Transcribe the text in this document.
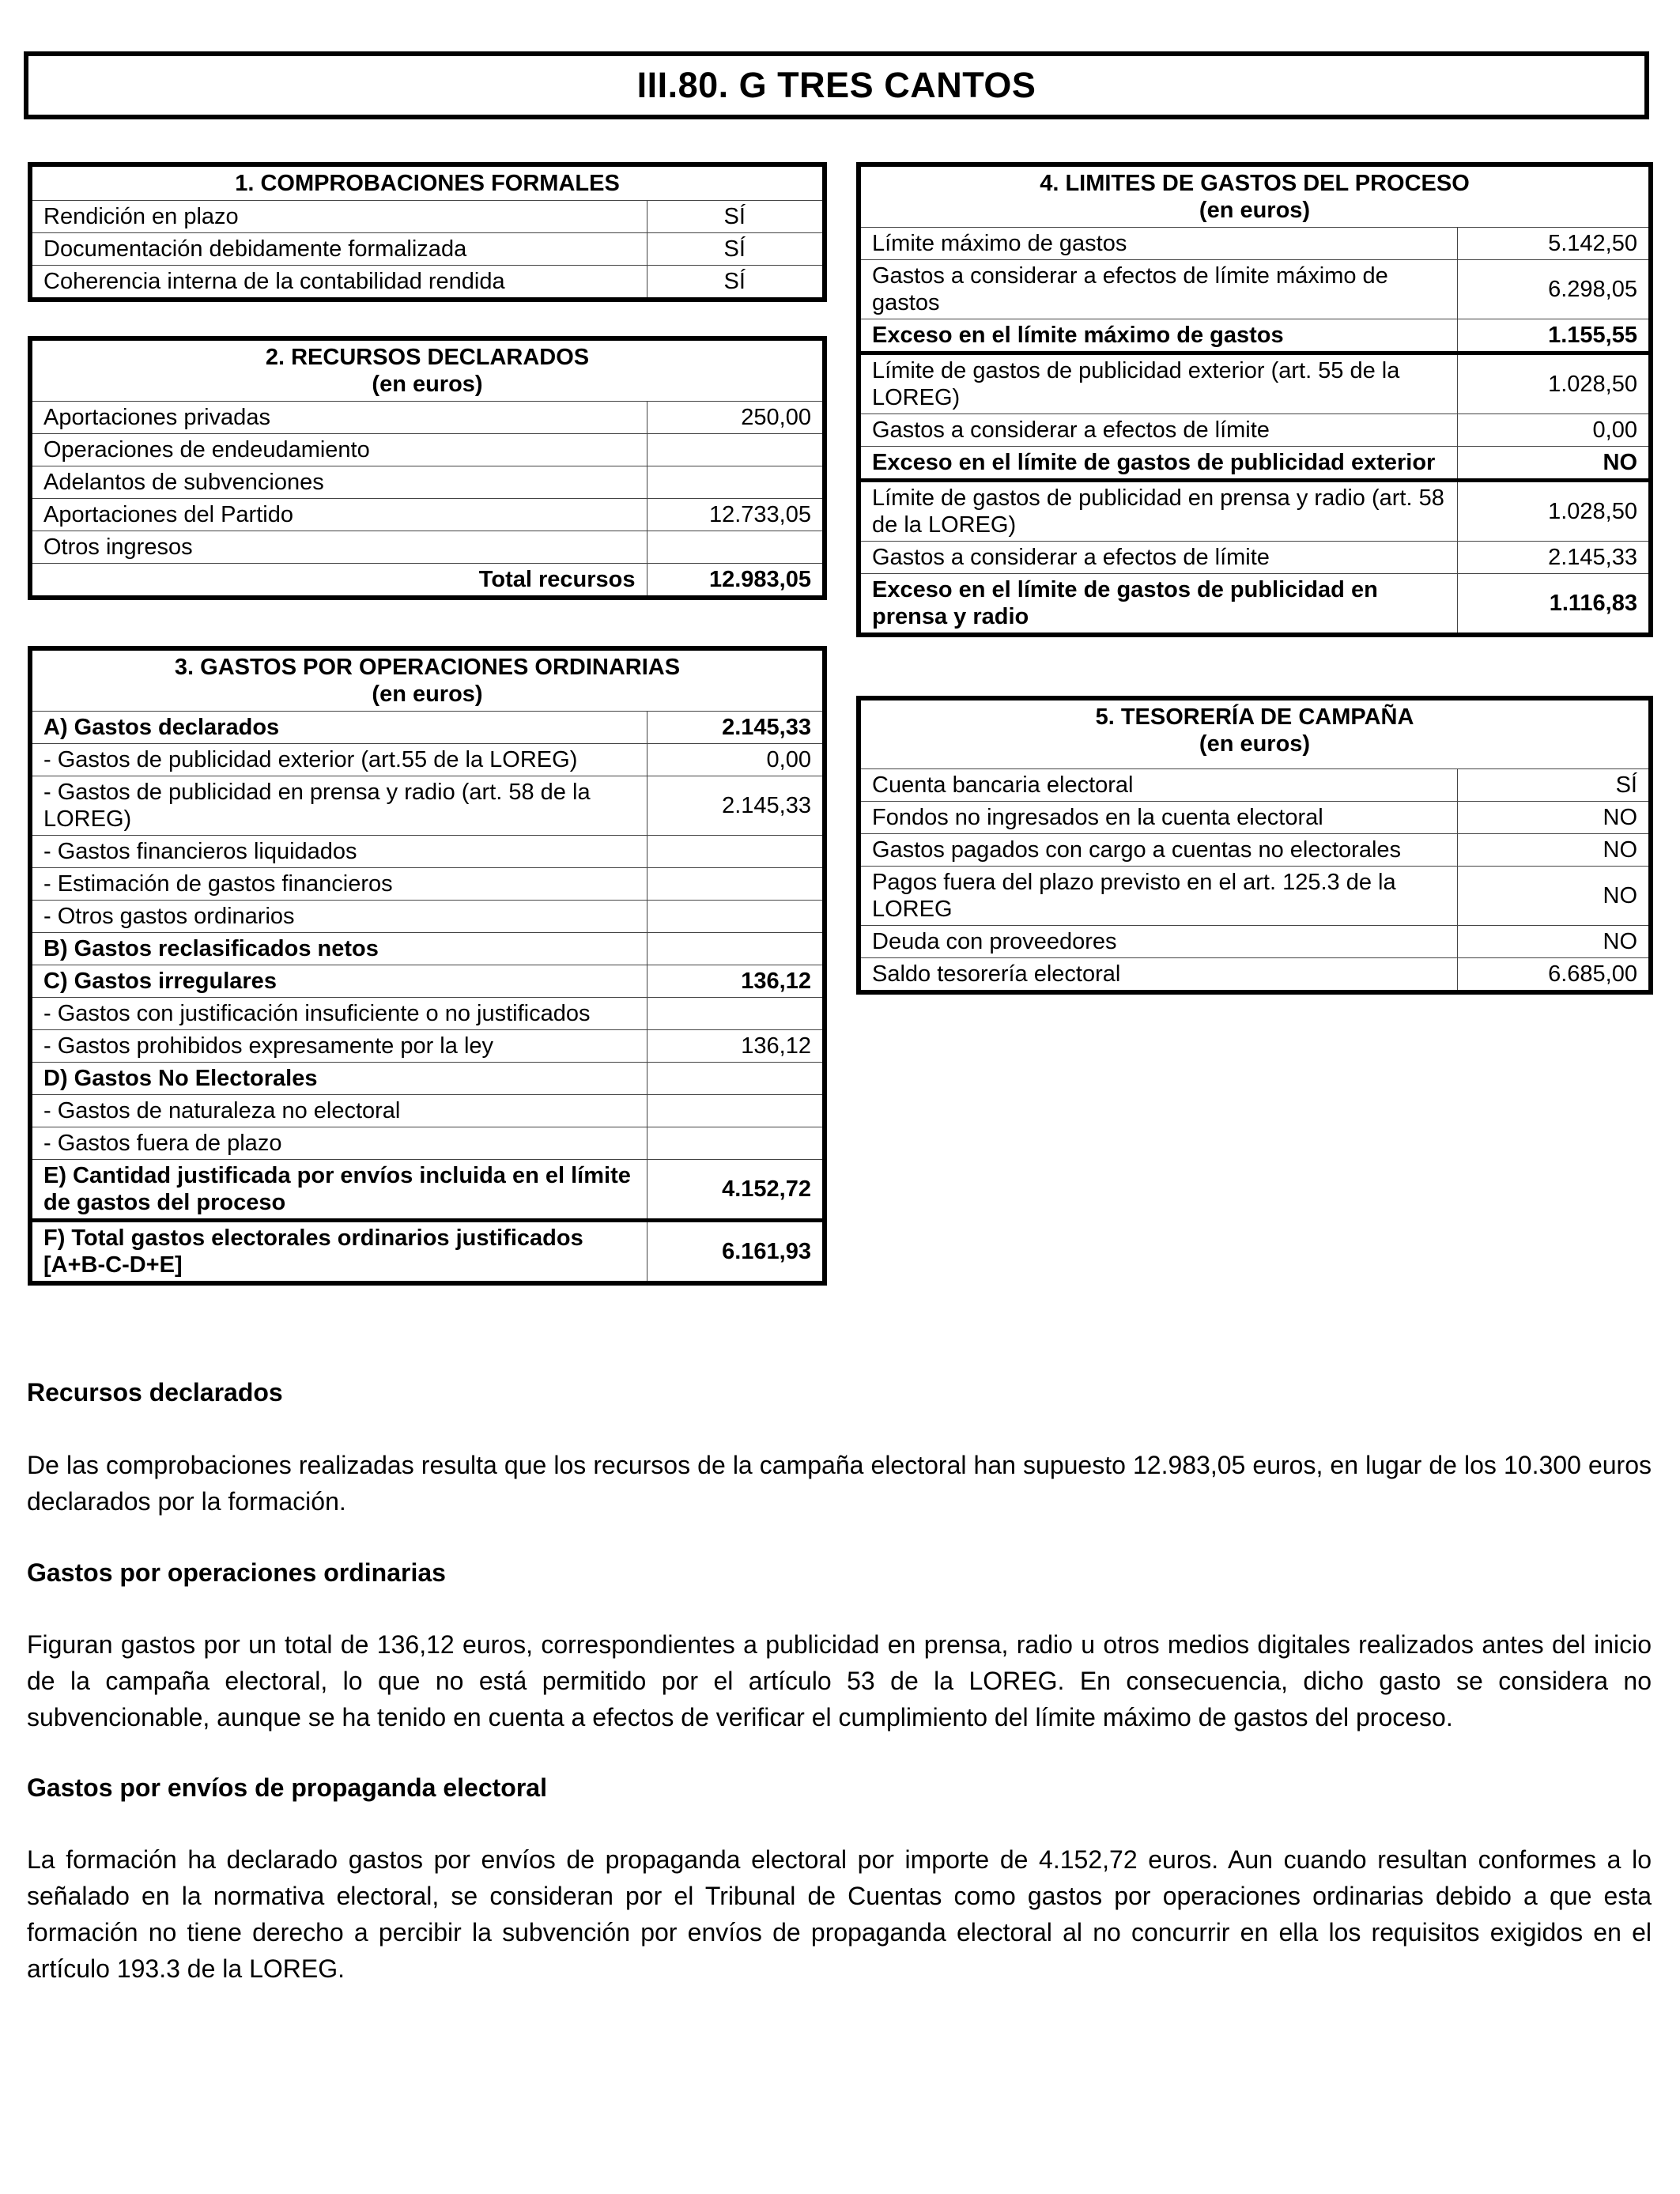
III.80. G TRES CANTOS
1. COMPROBACIONES FORMALES	
Rendición en plazo	SÍ
Documentación debidamente formalizada	SÍ
Coherencia interna de la contabilidad rendida	SÍ
2. RECURSOS DECLARADOS
(en euros)	

Aportaciones privadas	250,00
Operaciones de endeudamiento	
Adelantos de subvenciones	
Aportaciones del Partido	12.733,05
Otros ingresos	
Total recursos	12.983,05
3. GASTOS POR OPERACIONES ORDINARIAS
(en euros)	

A) Gastos declarados	2.145,33
- Gastos de publicidad exterior (art.55 de la LOREG)	0,00
- Gastos de publicidad en prensa y radio (art. 58 de la LOREG)	2.145,33
- Gastos financieros liquidados	
- Estimación de gastos financieros	
- Otros gastos ordinarios	
B) Gastos reclasificados netos	
C) Gastos irregulares	136,12
- Gastos con justificación insuficiente o no justificados	
- Gastos prohibidos expresamente por la ley	136,12
D) Gastos No Electorales	
- Gastos de naturaleza no electoral	
- Gastos fuera de plazo	
E) Cantidad justificada por envíos incluida en el límite de gastos del proceso	4.152,72
F) Total gastos electorales ordinarios justificados [A+B-C-D+E]	6.161,93
4. LIMITES DE GASTOS DEL PROCESO
(en euros)	

Límite máximo de gastos	5.142,50
Gastos a considerar a efectos de límite máximo de gastos	6.298,05
Exceso en el límite máximo de gastos	1.155,55
Límite de gastos de publicidad exterior (art. 55 de la LOREG)	1.028,50
Gastos a considerar a efectos de límite	0,00
Exceso en el límite de gastos de publicidad exterior	NO
Límite de gastos de publicidad en prensa y radio (art. 58 de la LOREG)	1.028,50
Gastos a considerar a efectos de límite	2.145,33
Exceso en el límite de gastos de publicidad en prensa y radio	1.116,83
5. TESORERÍA DE CAMPAÑA
(en euros)	

Cuenta bancaria electoral	SÍ
Fondos no ingresados en la cuenta electoral	NO
Gastos pagados con cargo a cuentas no electorales	NO
Pagos fuera del plazo previsto en el art. 125.3 de la LOREG	NO
Deuda con proveedores	NO
Saldo tesorería electoral	6.685,00
Recursos declarados
De las comprobaciones realizadas resulta que los recursos de la campaña electoral han supuesto 12.983,05 euros, en lugar de los 10.300 euros declarados por la formación.
Gastos por operaciones ordinarias
Figuran gastos por un total de 136,12 euros, correspondientes a publicidad en prensa, radio u otros medios digitales realizados antes del inicio de la campaña electoral, lo que no está permitido por el artículo 53 de la LOREG. En consecuencia, dicho gasto se considera no subvencionable, aunque se ha tenido en cuenta a efectos de verificar el cumplimiento del límite máximo de gastos del proceso.
Gastos por envíos de propaganda electoral
La formación ha declarado gastos por envíos de propaganda electoral por importe de 4.152,72 euros. Aun cuando resultan conformes a lo señalado en la normativa electoral, se consideran por el Tribunal de Cuentas como gastos por operaciones ordinarias debido a que esta formación no tiene derecho a percibir la subvención por envíos de propaganda electoral al no concurrir en ella los requisitos exigidos en el artículo 193.3 de la LOREG.
